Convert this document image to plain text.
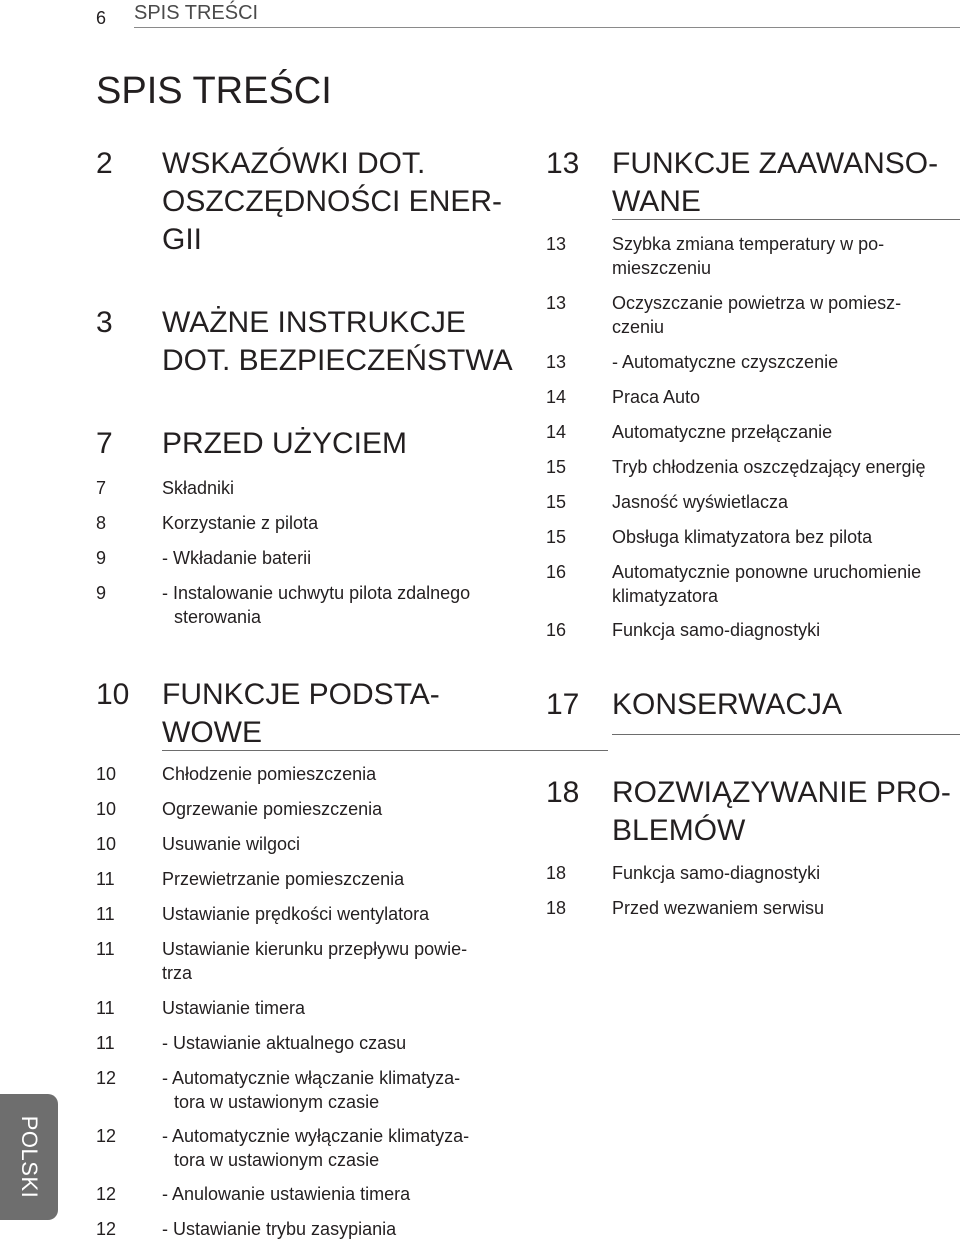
6 SPIS TREŚCI
SPIS TREŚCI
2 WSKAZÓWKI DOT.
OSZCZĘDNOŚCI ENER-
GII
3 WAŻNE INSTRUKCJE
DOT. BEZPIECZEŃSTWA
7 PRZED UŻYCIEM
7	Składniki
8	Korzystanie z pilota
9	- Wkładanie baterii
9	- Instalowanie uchwytu pilota zdalnego
sterowania
10 FUNKCJE PODSTA-
WOWE
10	Chłodzenie pomieszczenia
10	Ogrzewanie pomieszczenia
10	Usuwanie wilgoci
11	Przewietrzanie pomieszczenia
11	Ustawianie prędkości wentylatora
11	Ustawianie kierunku przepływu powie-
trza
11	Ustawianie timera
11	- Ustawianie aktualnego czasu
12	- Automatycznie włączanie klimatyza-
tora w ustawionym czasie
12	- Automatycznie wyłączanie klimatyza-
tora w ustawionym czasie
12	- Anulowanie ustawienia timera
12	- Ustawianie trybu zasypiania
13 FUNKCJE ZAAWANSO-
WANE
13	Szybka zmiana temperatury w po-
mieszczeniu
13	Oczyszczanie powietrza w pomiesz-
czeniu
13	- Automatyczne czyszczenie
14	Praca Auto
14	Automatyczne przełączanie
15	Tryb chłodzenia oszczędzający energię
15	Jasność wyświetlacza
15	Obsługa klimatyzatora bez pilota
16	Automatycznie ponowne uruchomienie
klimatyzatora
16	Funkcja samo-diagnostyki
17 KONSERWACJA
18 ROZWIĄZYWANIE PRO-
BLEMÓW
18	Funkcja samo-diagnostyki
18	Przed wezwaniem serwisu
POLSKI
